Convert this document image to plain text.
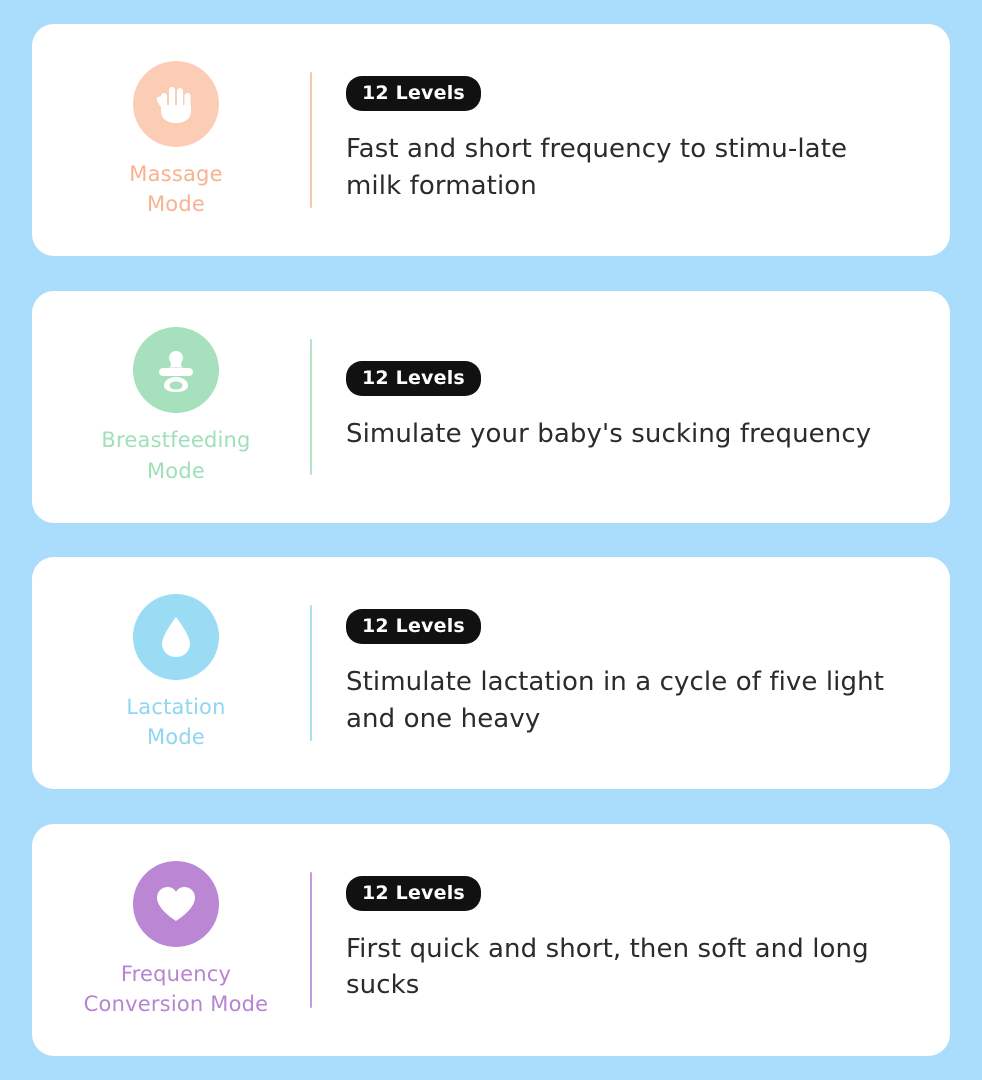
Massage
Mode
12 Levels
Fast and short frequency to stimu-late milk formation
Breastfeeding
Mode
12 Levels
Simulate your baby's sucking frequency
Lactation
Mode
12 Levels
Stimulate lactation in a cycle of five light and one heavy
Frequency
Conversion Mode
12 Levels
First quick and short, then soft and long sucks
